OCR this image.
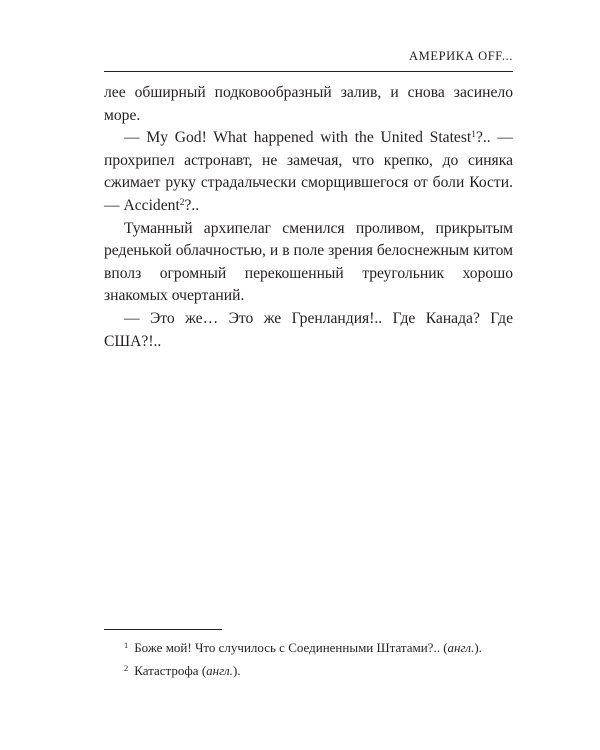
АМЕРИКА OFF...

лее обширный подковообразный залив, и снова засинело море.

— My God! What happened with the United Statest$^1$?.. — прохрипел астронавт, не замечая, что крепко, до синяка сжимает руку страдальчески сморщившегося от боли Кости. — Accident$^2$?..

Туманный архипелаг сменился проливом, прикрытым реденькой облачностью, и в поле зрения белоснежным китом вполз огромный перекошенный треугольник хорошо знакомых очертаний.

— Это же… Это же Гренландия!.. Где Канада? Где США?!..

$^1$ Боже мой! Что случилось с Соединенными Штатами?.. (англ.).

$^2$ Катастрофа (англ.).
